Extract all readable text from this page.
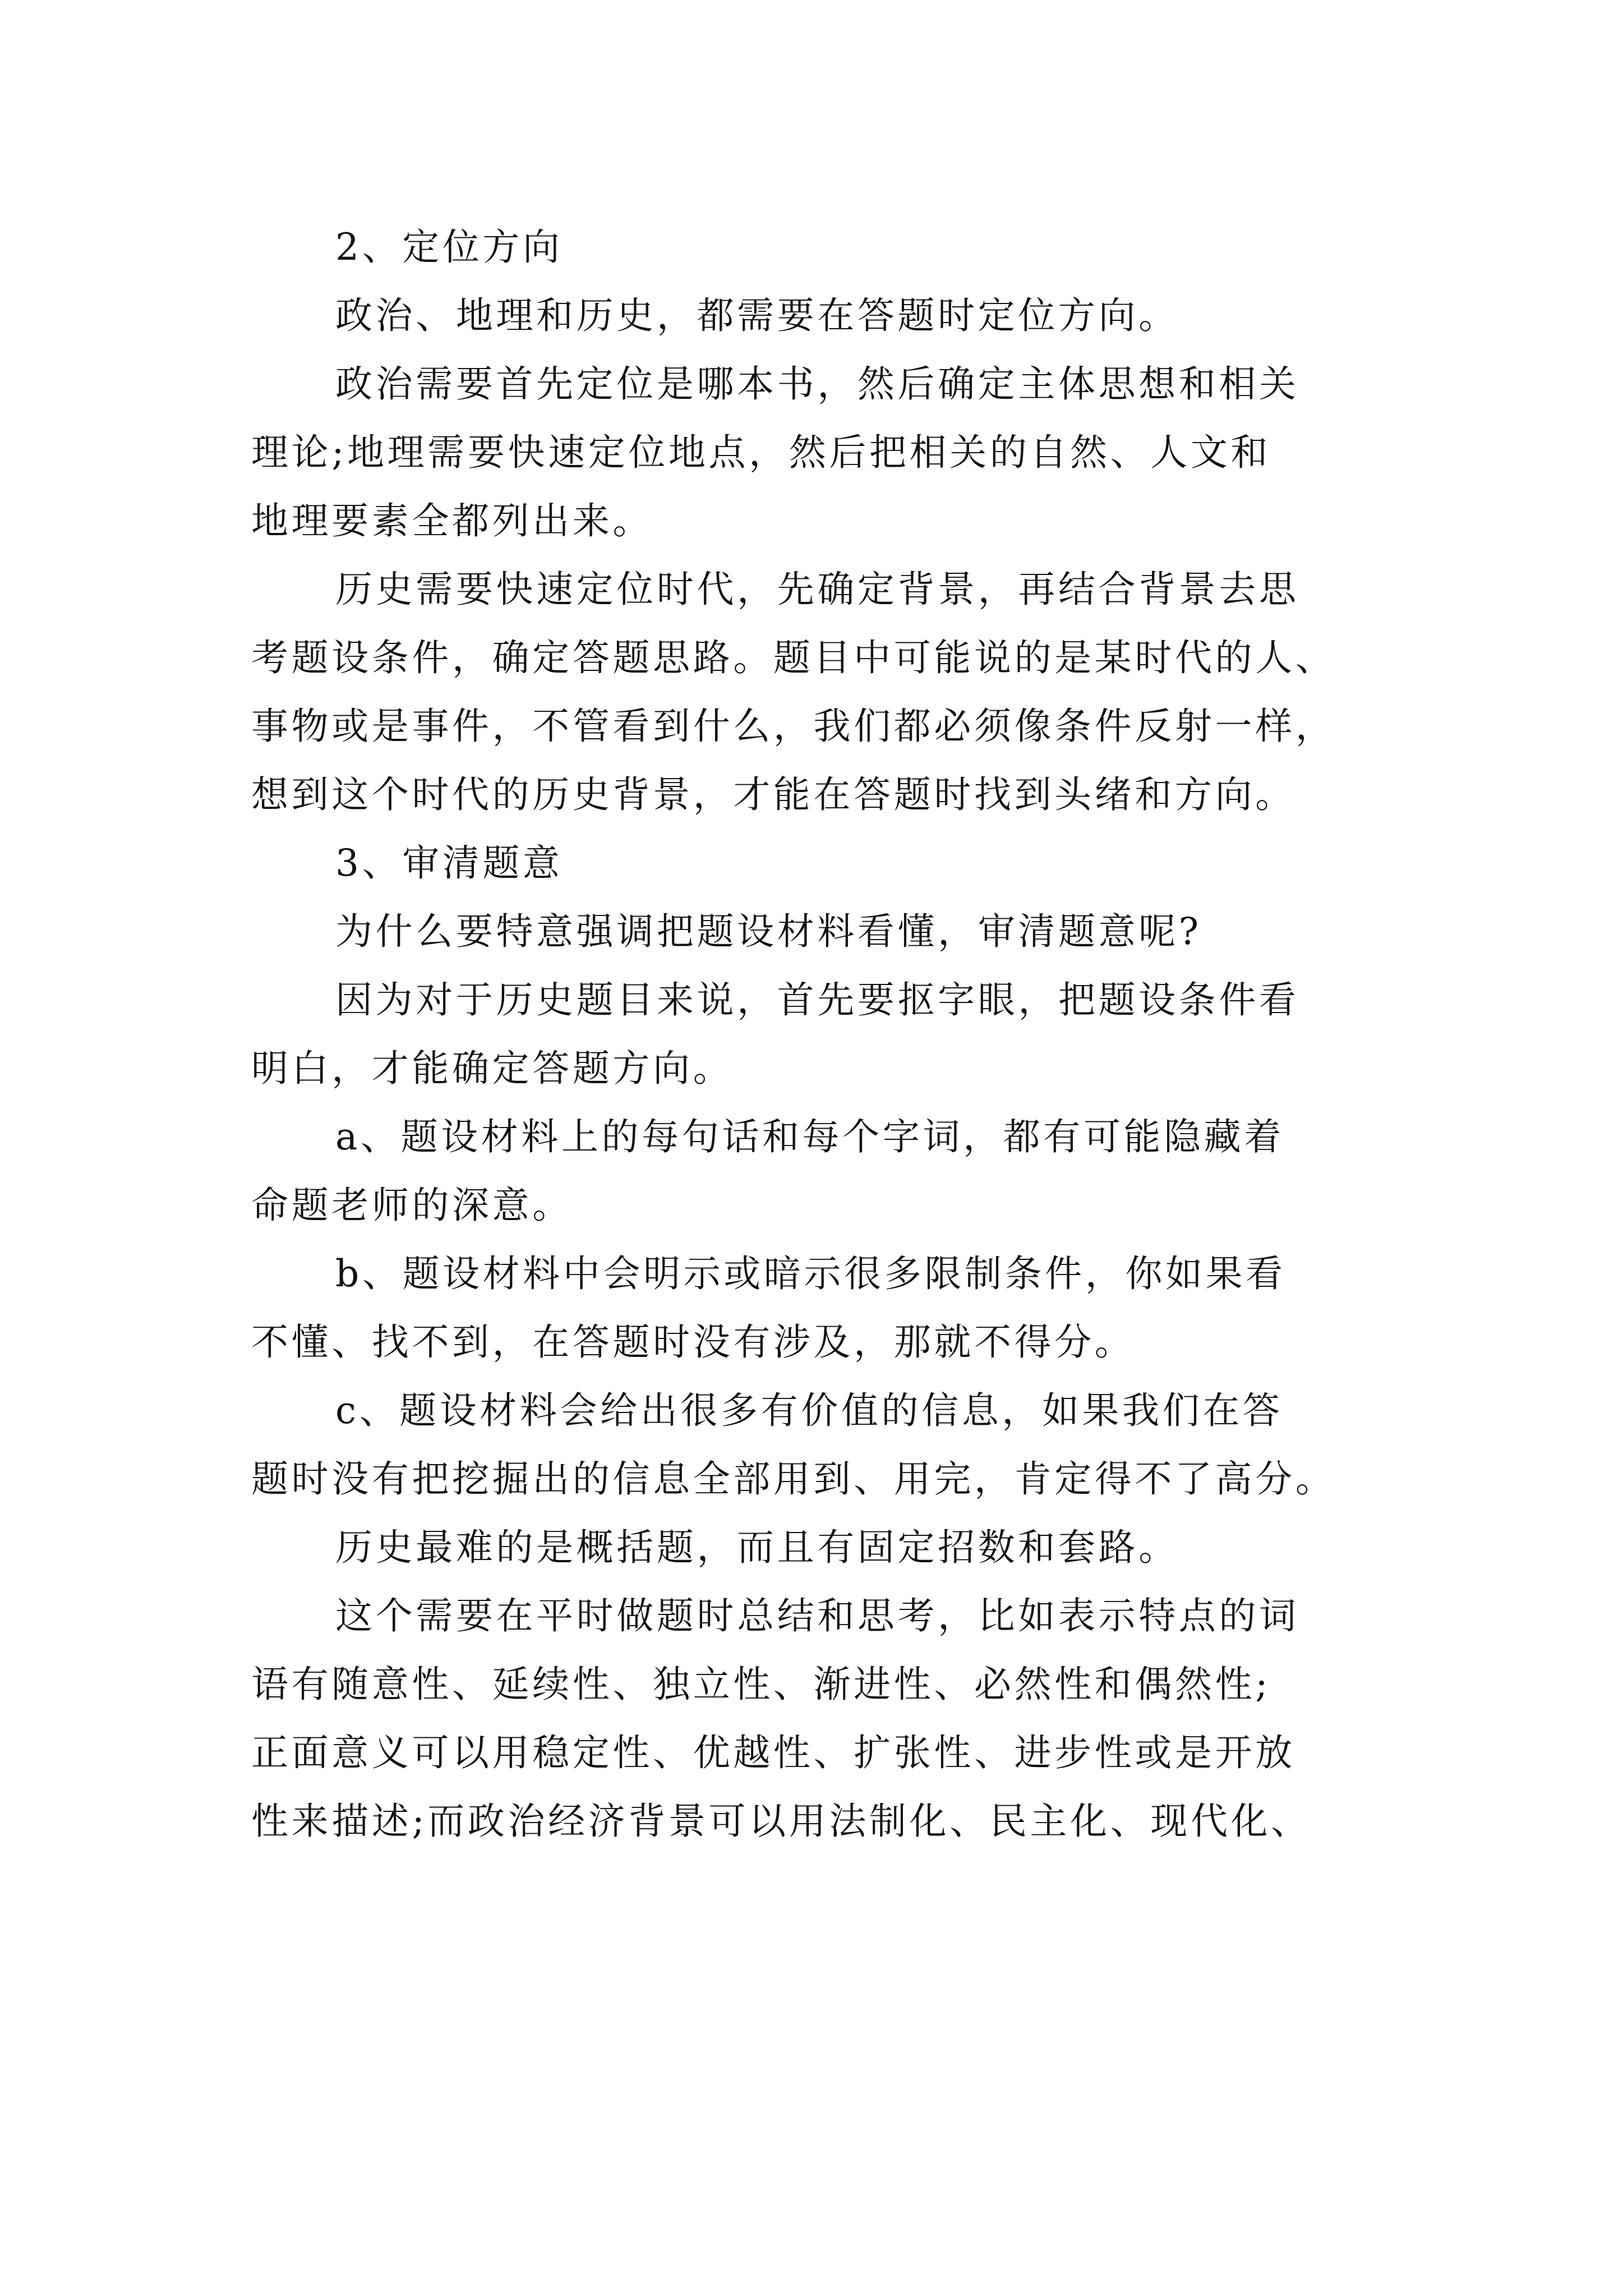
2、定位方向
政治、地理和历史，都需要在答题时定位方向。
政治需要首先定位是哪本书，然后确定主体思想和相关
理论;地理需要快速定位地点，然后把相关的自然、人文和
地理要素全都列出来。
历史需要快速定位时代，先确定背景，再结合背景去思
考题设条件，确定答题思路。题目中可能说的是某时代的人、
事物或是事件，不管看到什么，我们都必须像条件反射一样，
想到这个时代的历史背景，才能在答题时找到头绪和方向。
3、审清题意
为什么要特意强调把题设材料看懂，审清题意呢?
因为对于历史题目来说，首先要抠字眼，把题设条件看
明白，才能确定答题方向。
a、题设材料上的每句话和每个字词，都有可能隐藏着
命题老师的深意。
b、题设材料中会明示或暗示很多限制条件，你如果看
不懂、找不到，在答题时没有涉及，那就不得分。
c、题设材料会给出很多有价值的信息，如果我们在答
题时没有把挖掘出的信息全部用到、用完，肯定得不了高分。
历史最难的是概括题，而且有固定招数和套路。
这个需要在平时做题时总结和思考，比如表示特点的词
语有随意性、延续性、独立性、渐进性、必然性和偶然性;
正面意义可以用稳定性、优越性、扩张性、进步性或是开放
性来描述;而政治经济背景可以用法制化、民主化、现代化、
